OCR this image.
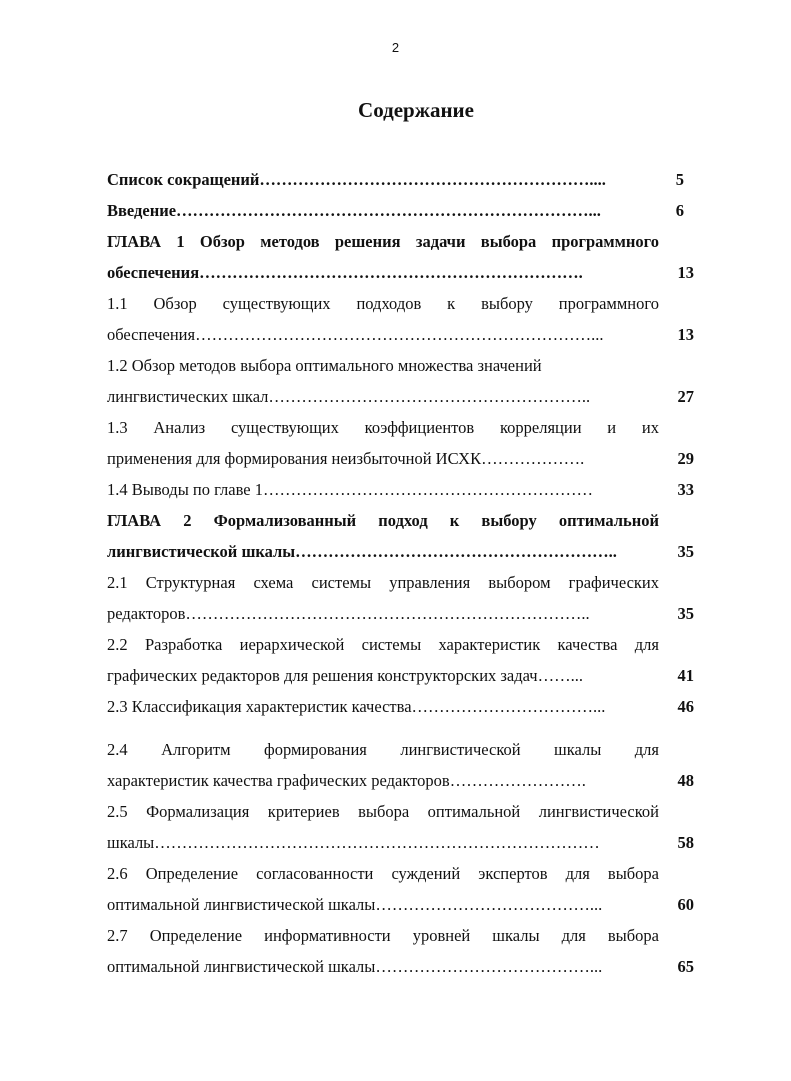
2
Содержание
Список сокращений……………………………………………………....	5
Введение…………………………………………………………………...	6
ГЛАВА 1 Обзор методов решения задачи выбора программного
обеспечения…………………………………………………………….	13
1.1 Обзор существующих подходов к выбору программного
обеспечения………………………………………………………………...	13
1.2 Обзор методов выбора оптимального множества значений
лингвистических шкал…………………………………………………..	27
1.3 Анализ существующих коэффициентов корреляции и их
применения для формирования неизбыточной ИСХК……………….	29
1.4 Выводы по главе 1……………………………………………………	33
ГЛАВА 2 Формализованный подход к выбору оптимальной
лингвистической шкалы…………………………………………………..	35
2.1 Структурная схема системы управления выбором графических
редакторов………………………………………………………………..	35
2.2 Разработка иерархической системы характеристик качества для
графических редакторов для решения конструкторских задач……...	41
2.3 Классификация характеристик качества……………………………...	46
2.4 Алгоритм формирования лингвистической шкалы для
характеристик качества графических редакторов…………………….	48
2.5 Формализация критериев выбора оптимальной лингвистической
шкалы………………………………………………………………………	58
2.6 Определение согласованности суждений экспертов для выбора
оптимальной лингвистической шкалы…………………………………...	60
2.7 Определение информативности уровней шкалы для выбора
оптимальной лингвистической шкалы…………………………………...	65
